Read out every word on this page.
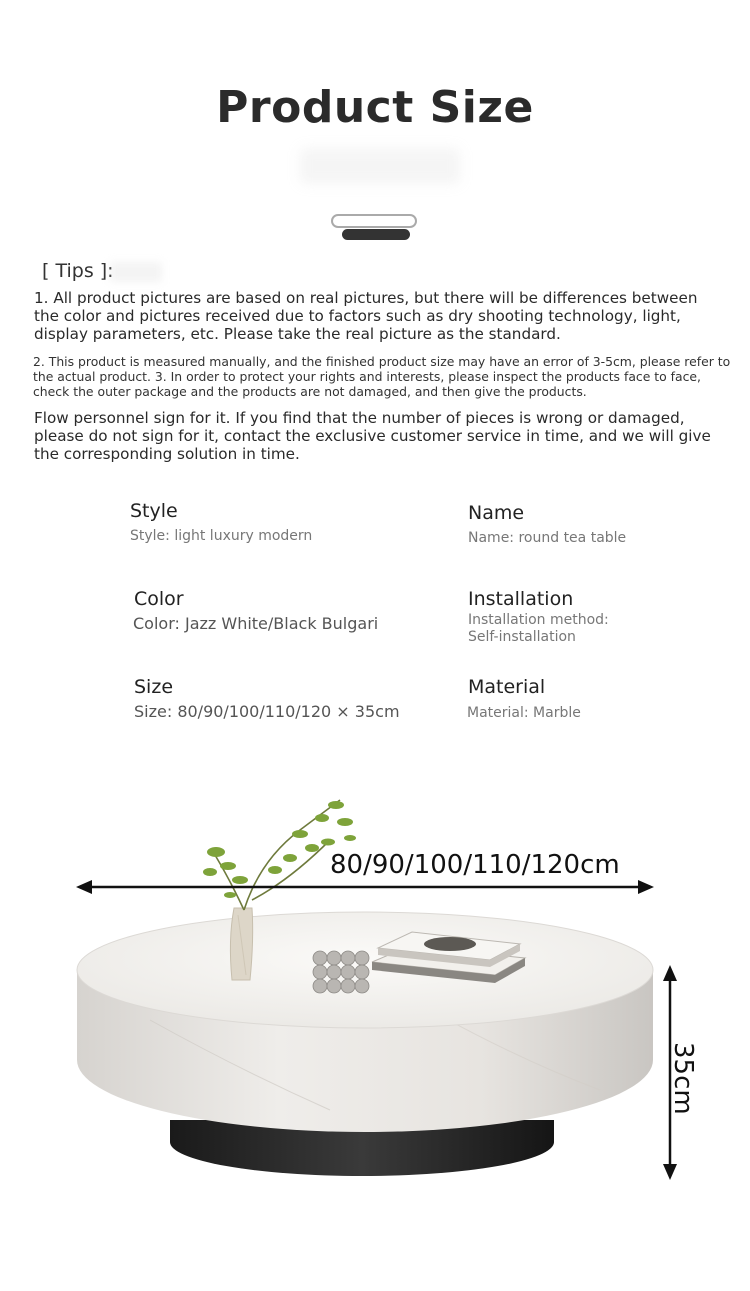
Product Size
[ Tips ]:
1. All product pictures are based on real pictures, but there will be differences between the color and pictures received due to factors such as dry shooting technology, light, display parameters, etc. Please take the real picture as the standard.
2. This product is measured manually, and the finished product size may have an error of 3-5cm, please refer to the actual product. 3. In order to protect your rights and interests, please inspect the products face to face, check the outer package and the products are not damaged, and then give the products.
Flow personnel sign for it. If you find that the number of pieces is wrong or damaged, please do not sign for it, contact the exclusive customer service in time, and we will give the corresponding solution in time.
Style
Style: light luxury modern
Name
Name: round tea table
Color
Color: Jazz White/Black Bulgari
Installation
Installation method:
Self-installation
Size
Size: 80/90/100/110/120 × 35cm
Material
Material: Marble
80/90/100/110/120cm
35cm
